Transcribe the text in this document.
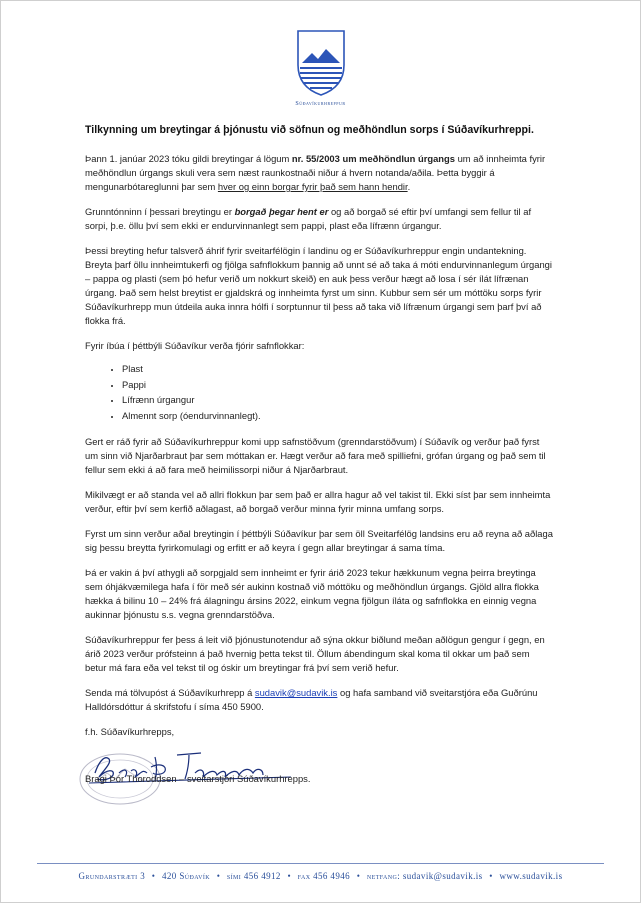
Súðavíkurhreppur
Tilkynning um breytingar á þjónustu við söfnun og meðhöndlun sorps í Súðavíkurhreppi.

Þann 1. janúar 2023 tóku gildi breytingar á lögum nr. 55/2003 um meðhöndlun úrgangs um að innheimta fyrir meðhöndlun úrgangs skuli vera sem næst raunkostnaði niður á hvern notanda/aðila. Þetta byggir á mengunarbótareglunni þar sem hver og einn borgar fyrir það sem hann hendir.

Grunntónninn í þessari breytingu er borgað þegar hent er og að borgað sé eftir því umfangi sem fellur til af sorpi, þ.e. öllu því sem ekki er endurvinnanlegt sem pappi, plast eða lífrænn úrgangur.

Þessi breyting hefur talsverð áhrif fyrir sveitarfélögin í landinu og er Súðavíkurhreppur engin undantekning. Breyta þarf öllu innheimtukerfi og fjölga safnflokkum þannig að unnt sé að taka á móti endurvinnanlegum úrgangi – pappa og plasti (sem þó hefur verið um nokkurt skeið) en auk þess verður hægt að losa í sér ílát lífrænan úrgang. Það sem helst breytist er gjaldskrá og innheimta fyrst um sinn. Kubbur sem sér um móttöku sorps fyrir Súðavíkurhrepp mun útdeila auka innra hólfi í sorptunnur til þess að taka við lífrænum úrgangi sem þarf því að flokka frá.

Fyrir íbúa í þéttbýli Súðavíkur verða fjórir safnflokkar:

• Plast
• Pappi
• Lífrænn úrgangur
• Almennt sorp (óendurvinnanlegt).

Gert er ráð fyrir að Súðavíkurhreppur komi upp safnstöðvum (grenndarstöðvum) í Súðavík og verður það fyrst um sinn við Njarðarbraut þar sem móttakan er. Hægt verður að fara með spilliefni, grófan úrgang og það sem til fellur sem ekki á að fara með heimilissorpi niður á Njarðarbraut.

Mikilvægt er að standa vel að allri flokkun þar sem það er allra hagur að vel takist til. Ekki síst þar sem innheimta verður, eftir því sem kerfið aðlagast, að borgað verður minna fyrir minna umfang sorps.

Fyrst um sinn verður aðal breytingin í þéttbýli Súðavíkur þar sem öll Sveitarfélög landsins eru að reyna að aðlaga sig þessu breytta fyrirkomulagi og erfitt er að keyra í gegn allar breytingar á sama tíma.

Þá er vakin á því athygli að sorpgjald sem innheimt er fyrir árið 2023 tekur hækkunum vegna þeirra breytinga sem óhjákvæmilega hafa í för með sér aukinn kostnað við móttöku og meðhöndlun úrgangs. Gjöld allra flokka hækka á bilinu 10 – 24% frá álagningu ársins 2022, einkum vegna fjölgun íláta og safnflokka en einnig vegna aukinnar þjónustu s.s. vegna grenndarstöðva.

Súðavíkurhreppur fer þess á leit við þjónustunotendur að sýna okkur biðlund meðan aðlögun gengur í gegn, en árið 2023 verður prófsteinn á það hvernig þetta tekst til. Öllum ábendingum skal koma til okkar um það sem betur má fara eða vel tekst til og óskir um breytingar frá því sem verið hefur.

Senda má tölvupóst á Súðavíkurhrepp á sudavik@sudavik.is og hafa samband við sveitarstjóra eða Guðrúnu Halldórsdóttur á skrifstofu í síma 450 5900.

f.h. Súðavíkurhrepps,

Bragi Þór Thoroddsen – sveitarstjóri Súðavíkurhrepps.

Grundarstræti 3 • 420 Súðavík • sími 456 4912 • fax 456 4946 • netfang: sudavik@sudavik.is • www.sudavik.is
